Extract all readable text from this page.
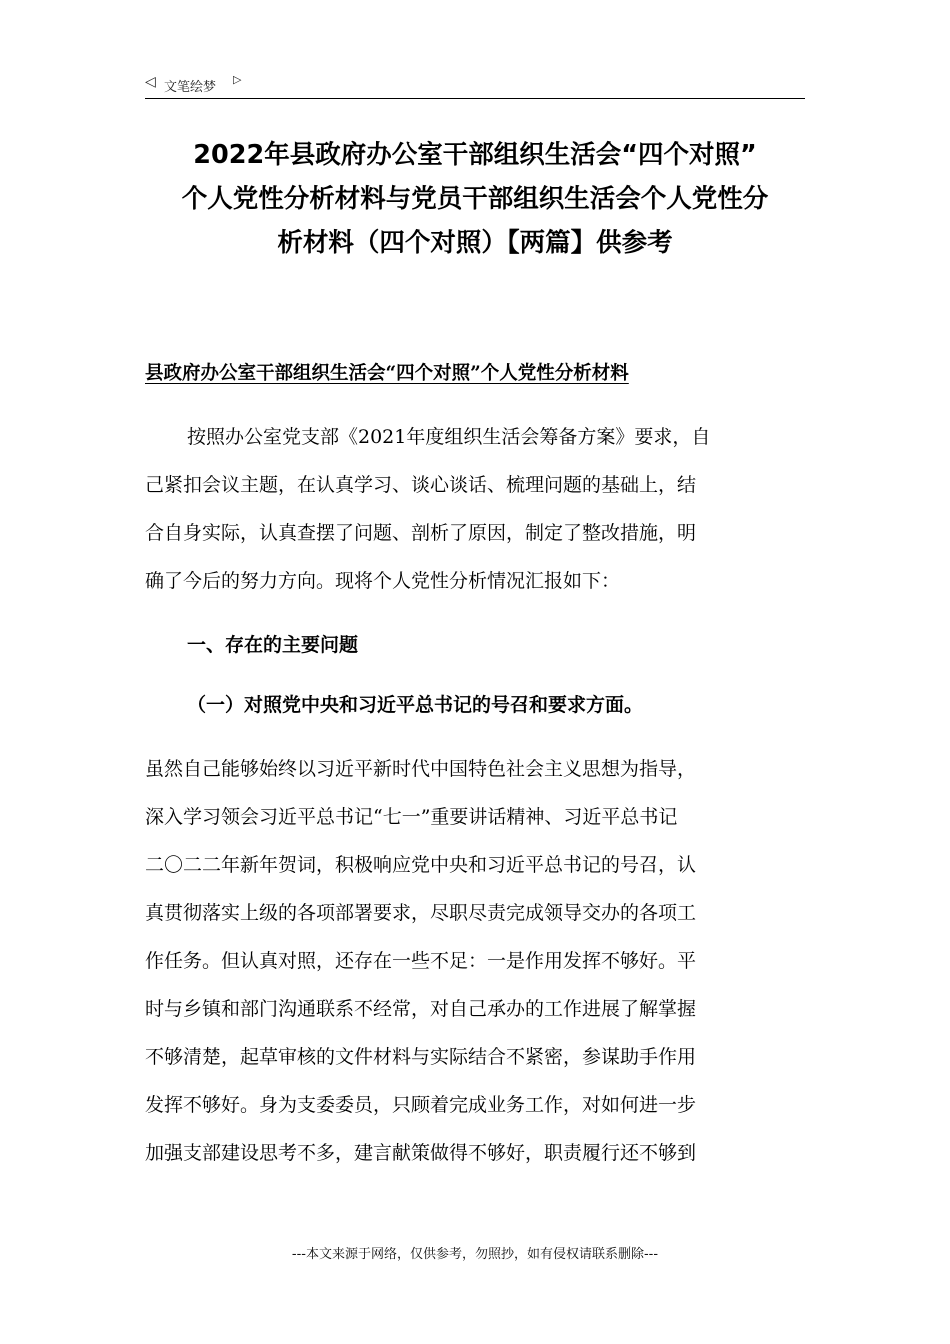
◁ 文笔绘梦
▷
2022年县政府办公室干部组织生活会“四个对照”
个人党性分析材料与党员干部组织生活会个人党性分
析材料（四个对照）【两篇】供参考
县政府办公室干部组织生活会“四个对照”个人党性分析材料
按照办公室党支部《2021年度组织生活会筹备方案》要求，自
己紧扣会议主题，在认真学习、谈心谈话、梳理问题的基础上，结
合自身实际，认真查摆了问题、剖析了原因，制定了整改措施，明
确了今后的努力方向。现将个人党性分析情况汇报如下：
一、存在的主要问题
（一）对照党中央和习近平总书记的号召和要求方面。
虽然自己能够始终以习近平新时代中国特色社会主义思想为指导，
深入学习领会习近平总书记“七一”重要讲话精神、习近平总书记
二〇二二年新年贺词，积极响应党中央和习近平总书记的号召，认
真贯彻落实上级的各项部署要求，尽职尽责完成领导交办的各项工
作任务。但认真对照，还存在一些不足：一是作用发挥不够好。平
时与乡镇和部门沟通联系不经常，对自己承办的工作进展了解掌握
不够清楚，起草审核的文件材料与实际结合不紧密，参谋助手作用
发挥不够好。身为支委委员，只顾着完成业务工作，对如何进一步
加强支部建设思考不多，建言献策做得不够好，职责履行还不够到
---本文来源于网络，仅供参考，勿照抄，如有侵权请联系删除---
